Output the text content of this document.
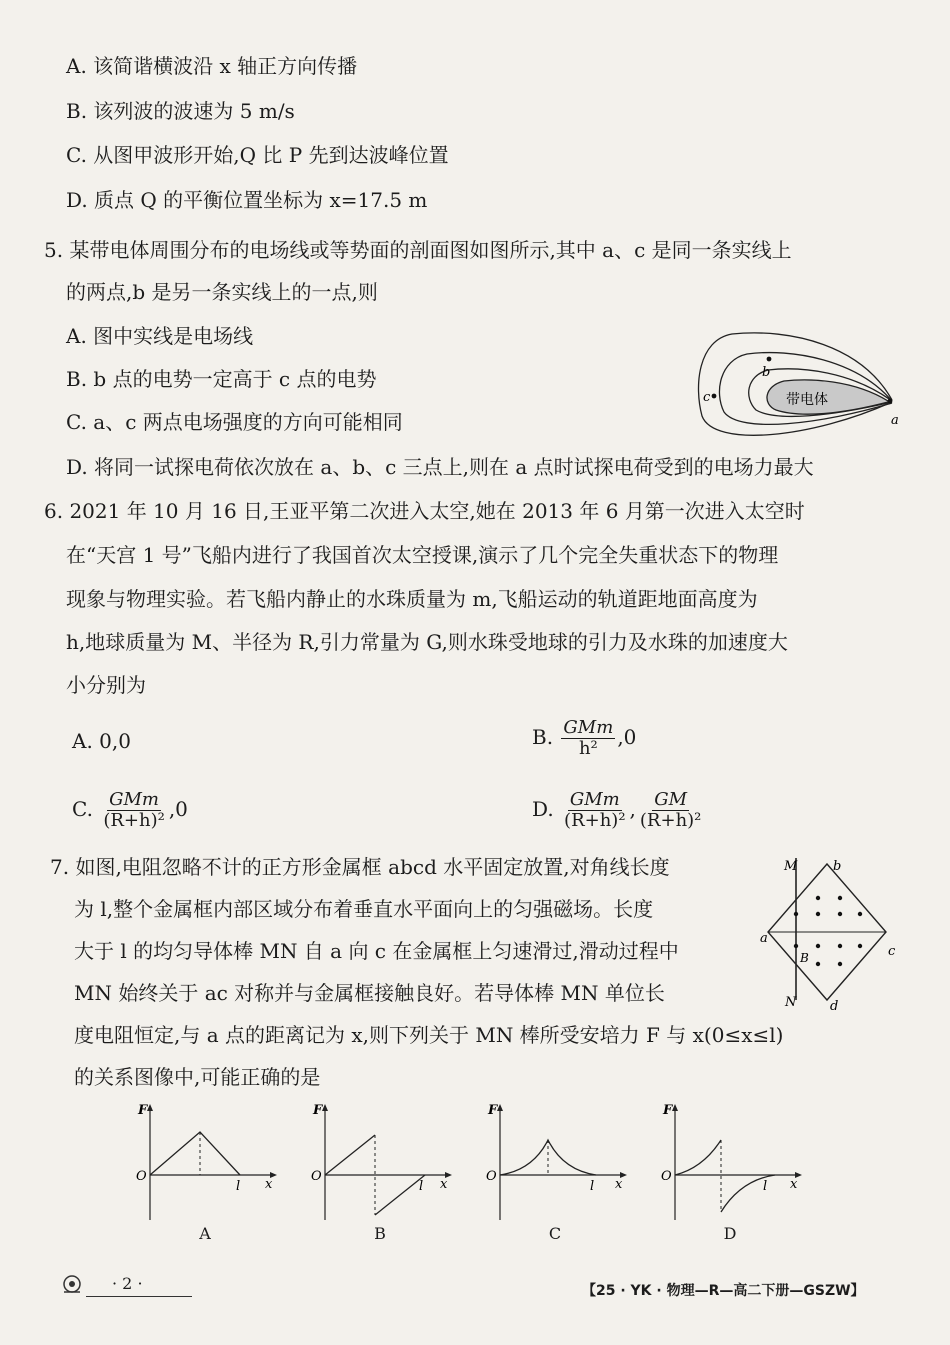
A. 该简谐横波沿 x 轴正方向传播
B. 该列波的波速为 5 m/s
C. 从图甲波形开始,Q 比 P 先到达波峰位置
D. 质点 Q 的平衡位置坐标为 x=17.5 m
5. 某带电体周围分布的电场线或等势面的剖面图如图所示,其中 a、c 是同一条实线上
的两点,b 是另一条实线上的一点,则
A. 图中实线是电场线
B. b 点的电势一定高于 c 点的电势
C. a、c 两点电场强度的方向可能相同
D. 将同一试探电荷依次放在 a、b、c 三点上,则在 a 点时试探电荷受到的电场力最大
带电体
b
c
a
6. 2021 年 10 月 16 日,王亚平第二次进入太空,她在 2013 年 6 月第一次进入太空时
在“天宫 1 号”飞船内进行了我国首次太空授课,演示了几个完全失重状态下的物理
现象与物理实验。若飞船内静止的水珠质量为 m,飞船运动的轨道距地面高度为
h,地球质量为 M、半径为 R,引力常量为 G,则水珠受地球的引力及水珠的加速度大
小分别为
A. 0,0	B. $\frac{\text{GMm}}{\text{h²}} ,0$
C. $\frac{\text{GMm}}{\text{(R+h)²}} ,0$	D. $\frac{\text{GMm}}{\text{(R+h)²}}$ , $\frac{GM}{\text{(R+h)²}}$
7. 如图,电阻忽略不计的正方形金属框 abcd 水平固定放置,对角线长度
为 l,整个金属框内部区域分布着垂直水平面向上的匀强磁场。长度
大于 l 的均匀导体棒 MN 自 a 向 c 在金属框上匀速滑过,滑动过程中
MN 始终关于 ac 对称并与金属框接触良好。若导体棒 MN 单位长
度电阻恒定,与 a 点的距离记为 x,则下列关于 MN 棒所受安培力 F 与 x(0≤x≤l)
的关系图像中,可能正确的是
M	b
a
c
d
N
B
F
O
l x
F
O
l x
F
O
l x
F
O
l x
A	B	C	D
· 2 ·	【25 · YK · 物理—R—高二下册—GSZW】
